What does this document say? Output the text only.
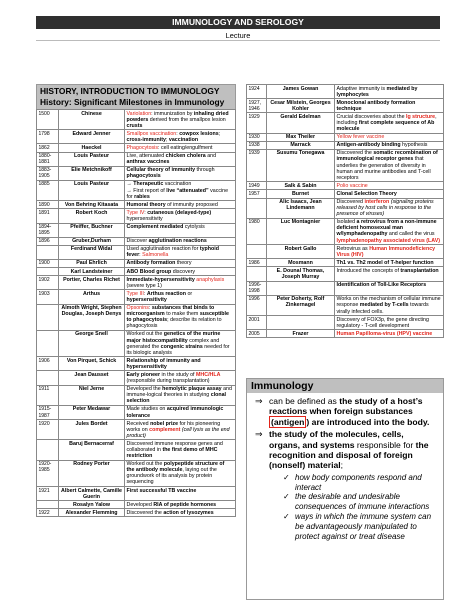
IMMUNOLOGY AND SEROLOGY
Lecture
HISTORY, INTRODUCTION TO IMMUNOLOGY
History: Significant Milestones in Immunology
1500	Chinese	Variolation: immunization by inhaling dried powders derived from the smallpox lesion crusts
1798	Edward Jenner	Smallpox vaccination: cowpox lesions; cross-immunity; vaccination
1862	Haeckel	Phagocytosis: cell eating/engulfment
1880-1881	Louis Pasteur	Live, attenuated chicken cholera and anthrax vaccines
1883-1905	Elie Metchnikoff	Cellular theory of immunity through phagocytosis
1885	Louis Pasteur	→ Therapeutic vaccination
→ First report of live “attenuated” vaccine for rabies
1890	Von Behring Kitasata	Humoral theory of immunity proposed
1891	Robert Koch	Type IV: cutaneous (delayed-type) hypersensitivity
1894-1895	Pfeiffer, Buchner	Complement mediated cytolysis
1896	Gruber,Durham	Discover agglutination reactions
	Ferdinand Widal	Used agglutination reaction for typhoid fever: Salmonella
1900	Paul Ehrlich	Antibody formation theory
	Karl Landsteiner	ABO Blood group discovery
1902	Portier, Charles Richet	Immediate-hypersensitivity anaphylaxis (severe type 1)
1903	Arthus	Type III: Arthus reaction or hypersensitivity
	Almoth Wright, Stephen Douglas, Joseph Denys	Opsonins: substances that binds to microorganism to make them susceptible to phagocytosis; describe its relation to phagocytosis
	George Snell	Worked out the genetics of the murine major histocompatibility complex and generated the congenic strains needed for its biologic analysis
1906	Von Pirquet, Schick	Relationship of immunity and hypersensitivity
	Jean Dausset	Early pioneer in the study of MHC/HLA (responsible during transplantation)
1911	Niel Jerne	Developed the hemolytic plaque assay and immune-logical theories in studying clonal selection
1915-1987	Peter Medawar	Made studies on acquired immunologic tolerance
1920	Jules Bordet	Received nobel prize for his pioneering works on complement (cell lysis as the end product)
	Baruj Bernacerraf	Discovered immune response genes and collaborated in the first demo of MHC restriction
1920-1985	Rodney Porter	Worked out the polypeptide structure of the antibody molecule, laying out the groundwork of its analysis by protein sequencing
1921	Albert Calmette, Camille Guerin	First successful TB vaccine
	Rosalyn Yalow	Developed RIA of peptide hormones
1922	Alexander Flemming	Discovered the action of lysozymes
1924	James Gowan	Adaptive immunity is mediated by lymphocytes
1927, 1946	Cesar Milstein, Georges Kohler	Monoclonal antibody formation technique
1929	Gerald Edelman	Crucial discoveries about the Ig structure, including first complete sequence of Ab molecule
1930	Max Theiler	Yellow fever vaccine
1938	Marrack	Antigen-antibody binding hypothesis
1939	Susumu Tonegawa	Discovered the somatic recombination of immunological receptor genes that underlies the generation of diversity in human and murine antibodies and T-cell receptors
1949	Salk & Sabin	Polio vaccine
1957	Burnet	Clonal Selection Theory
	Alic Isaacs, Jean Lindemann	Discovered interferon (signaling proteins released by host cells in response to the presence of viruses)
1980	Luc Montagnier	Isolated a retrovirus from a non-immune deficient homosexual man w/lymphadenopathy and called the virus lymphadenopathy associated virus (LAV)
	Robert Gallo	Retrovirus as Human Immunodeficiency Virus (HIV)
1986	Mosmann	Th1 vs. Th2 model of T-helper function
	E. Dounal Thomas, Joseph Murray	Introduced the concepts of transplantation
1996-1998		Identification of Toll-Like Receptors
1996	Peter Doherty, Rolf Zinkernagel	Works on the mechanism of cellular immune response mediated by T-cells towards virally infected cells.
2001		Discovery of FOX3p, the gene directing regulatory - T-cell development
2005	Frazer	Human Papilloma-virus (HPV) vaccine
Immunology
⇒ can be defined as the study of a host’s reactions when foreign substances (antigen ) are introduced into the body.
⇒ the study of the molecules, cells, organs, and systems responsible for the recognition and disposal of foreign (nonself) material;
✓ how body components respond and interact
✓ the desirable and undesirable consequences of immune interactions
✓ ways in which the immune system can be advantageously manipulated to protect against or treat disease
